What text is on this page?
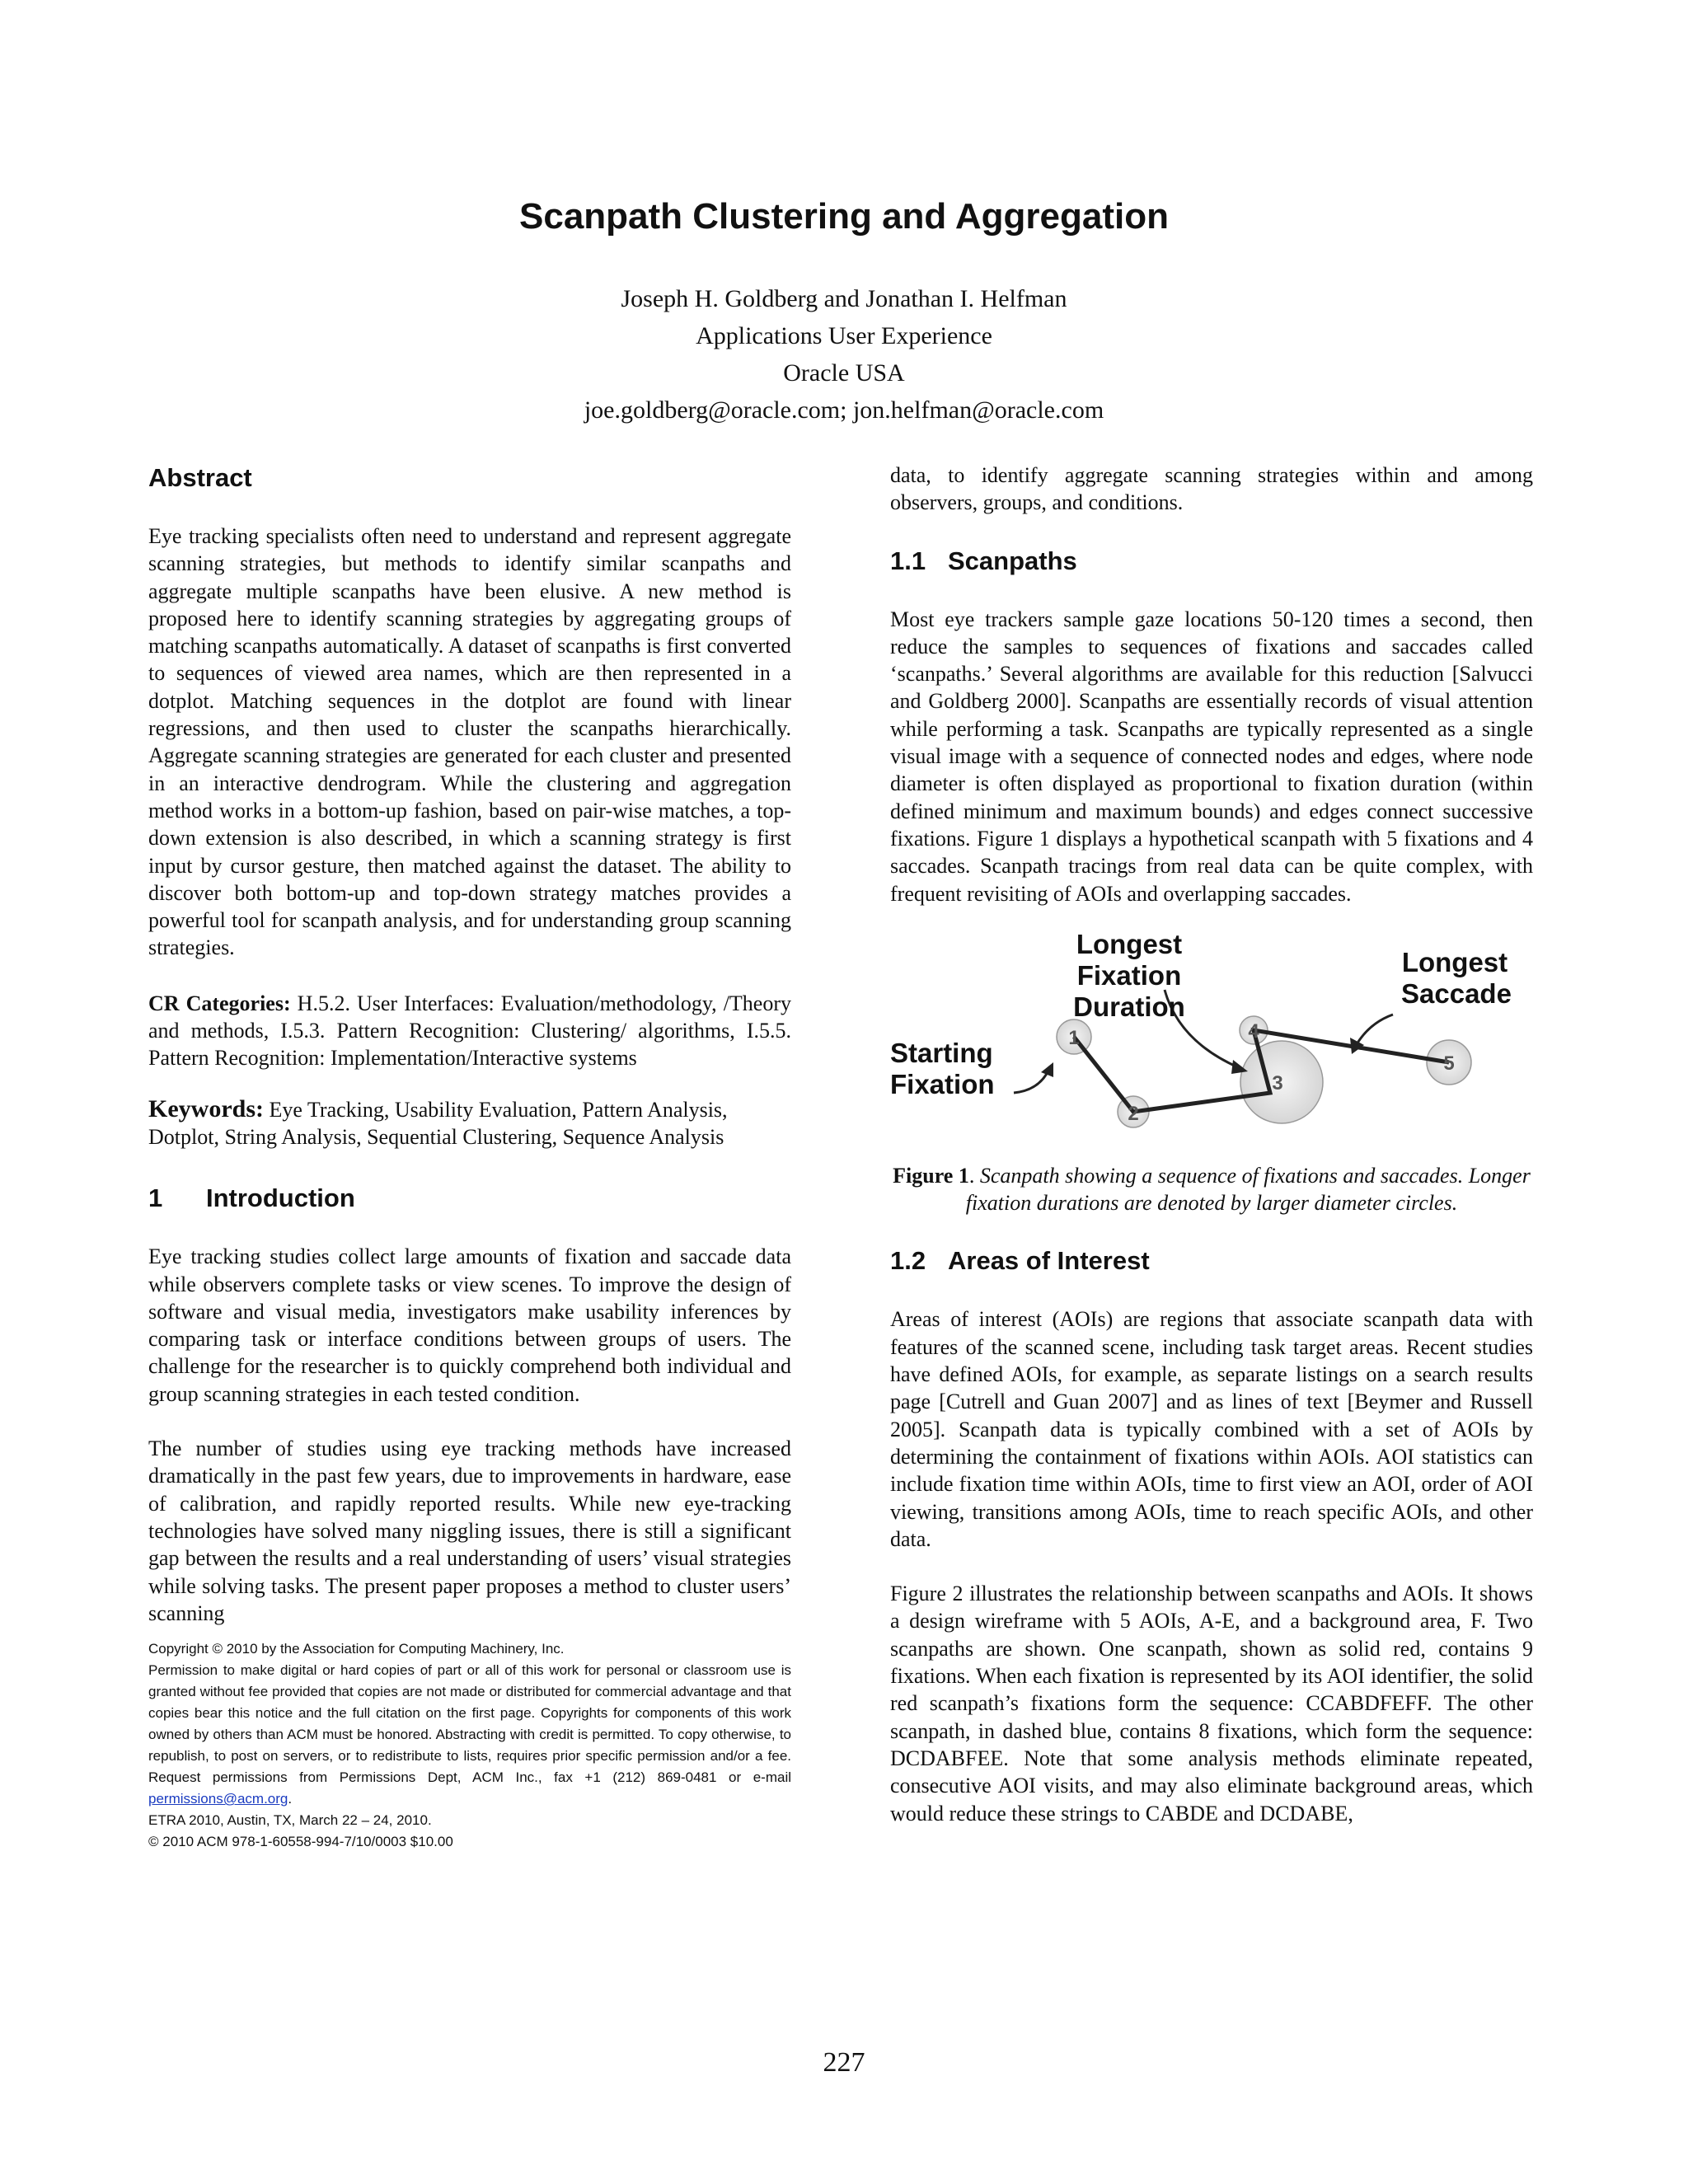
Scanpath Clustering and Aggregation
Joseph H. Goldberg and Jonathan I. Helfman
Applications User Experience
Oracle USA
joe.goldberg@oracle.com; jon.helfman@oracle.com
Abstract

Eye tracking specialists often need to understand and represent aggregate scanning strategies, but methods to identify similar scanpaths and aggregate multiple scanpaths have been elusive. A new method is proposed here to identify scanning strategies by aggregating groups of matching scanpaths automatically. A dataset of scanpaths is first converted to sequences of viewed area names, which are then represented in a dotplot. Matching sequences in the dotplot are found with linear regressions, and then used to cluster the scanpaths hierarchically. Aggregate scanning strategies are generated for each cluster and presented in an interactive dendrogram. While the clustering and aggregation method works in a bottom-up fashion, based on pair-wise matches, a top-down extension is also described, in which a scanning strategy is first input by cursor gesture, then matched against the dataset. The ability to discover both bottom-up and top-down strategy matches provides a powerful tool for scanpath analysis, and for understanding group scanning strategies.

CR Categories: H.5.2. User Interfaces: Evaluation/methodology, /Theory and methods, I.5.3. Pattern Recognition: Clustering/ algorithms, I.5.5. Pattern Recognition: Implementation/Interactive systems

Keywords: Eye Tracking, Usability Evaluation, Pattern Analysis, Dotplot, String Analysis, Sequential Clustering, Sequence Analysis

1 Introduction

Eye tracking studies collect large amounts of fixation and saccade data while observers complete tasks or view scenes. To improve the design of software and visual media, investigators make usability inferences by comparing task or interface conditions between groups of users. The challenge for the researcher is to quickly comprehend both individual and group scanning strategies in each tested condition.

The number of studies using eye tracking methods have increased dramatically in the past few years, due to improvements in hardware, ease of calibration, and rapidly reported results. While new eye-tracking technologies have solved many niggling issues, there is still a significant gap between the results and a real understanding of users’ visual strategies while solving tasks. The present paper proposes a method to cluster users’ scanning

Copyright © 2010 by the Association for Computing Machinery, Inc.
Permission to make digital or hard copies of part or all of this work for personal or classroom use is granted without fee provided that copies are not made or distributed for commercial advantage and that copies bear this notice and the full citation on the first page. Copyrights for components of this work owned by others than ACM must be honored. Abstracting with credit is permitted. To copy otherwise, to republish, to post on servers, or to redistribute to lists, requires prior specific permission and/or a fee. Request permissions from Permissions Dept, ACM Inc., fax +1 (212) 869-0481 or e-mail permissions@acm.org.
ETRA 2010, Austin, TX, March 22 – 24, 2010.
© 2010 ACM 978-1-60558-994-7/10/0003 $10.00

data, to identify aggregate scanning strategies within and among observers, groups, and conditions.

1.1 Scanpaths

Most eye trackers sample gaze locations 50-120 times a second, then reduce the samples to sequences of fixations and saccades called ‘scanpaths.’ Several algorithms are available for this reduction [Salvucci and Goldberg 2000]. Scanpaths are essentially records of visual attention while performing a task. Scanpaths are typically represented as a single visual image with a sequence of connected nodes and edges, where node diameter is often displayed as proportional to fixation duration (within defined minimum and maximum bounds) and edges connect successive fixations. Figure 1 displays a hypothetical scanpath with 5 fixations and 4 saccades. Scanpath tracings from real data can be quite complex, with frequent revisiting of AOIs and overlapping saccades.

1
2
3
4
5
Longest Fixation
Duration
Longest
Saccade
Starting
Fixation
Figure 1. Scanpath showing a sequence of fixations and saccades. Longer fixation durations are denoted by larger diameter circles.
1.2 Areas of Interest

Areas of interest (AOIs) are regions that associate scanpath data with features of the scanned scene, including task target areas. Recent studies have defined AOIs, for example, as separate listings on a search results page [Cutrell and Guan 2007] and as lines of text [Beymer and Russell 2005]. Scanpath data is typically combined with a set of AOIs by determining the containment of fixations within AOIs. AOI statistics can include fixation time within AOIs, time to first view an AOI, order of AOI viewing, transitions among AOIs, time to reach specific AOIs, and other data.

Figure 2 illustrates the relationship between scanpaths and AOIs. It shows a design wireframe with 5 AOIs, A-E, and a background area, F. Two scanpaths are shown. One scanpath, shown as solid red, contains 9 fixations. When each fixation is represented by its AOI identifier, the solid red scanpath’s fixations form the sequence: CCABDFEFF. The other scanpath, in dashed blue, contains 8 fixations, which form the sequence: DCDABFEE. Note that some analysis methods eliminate repeated, consecutive AOI visits, and may also eliminate background areas, which would reduce these strings to CABDE and DCDABE,

227
